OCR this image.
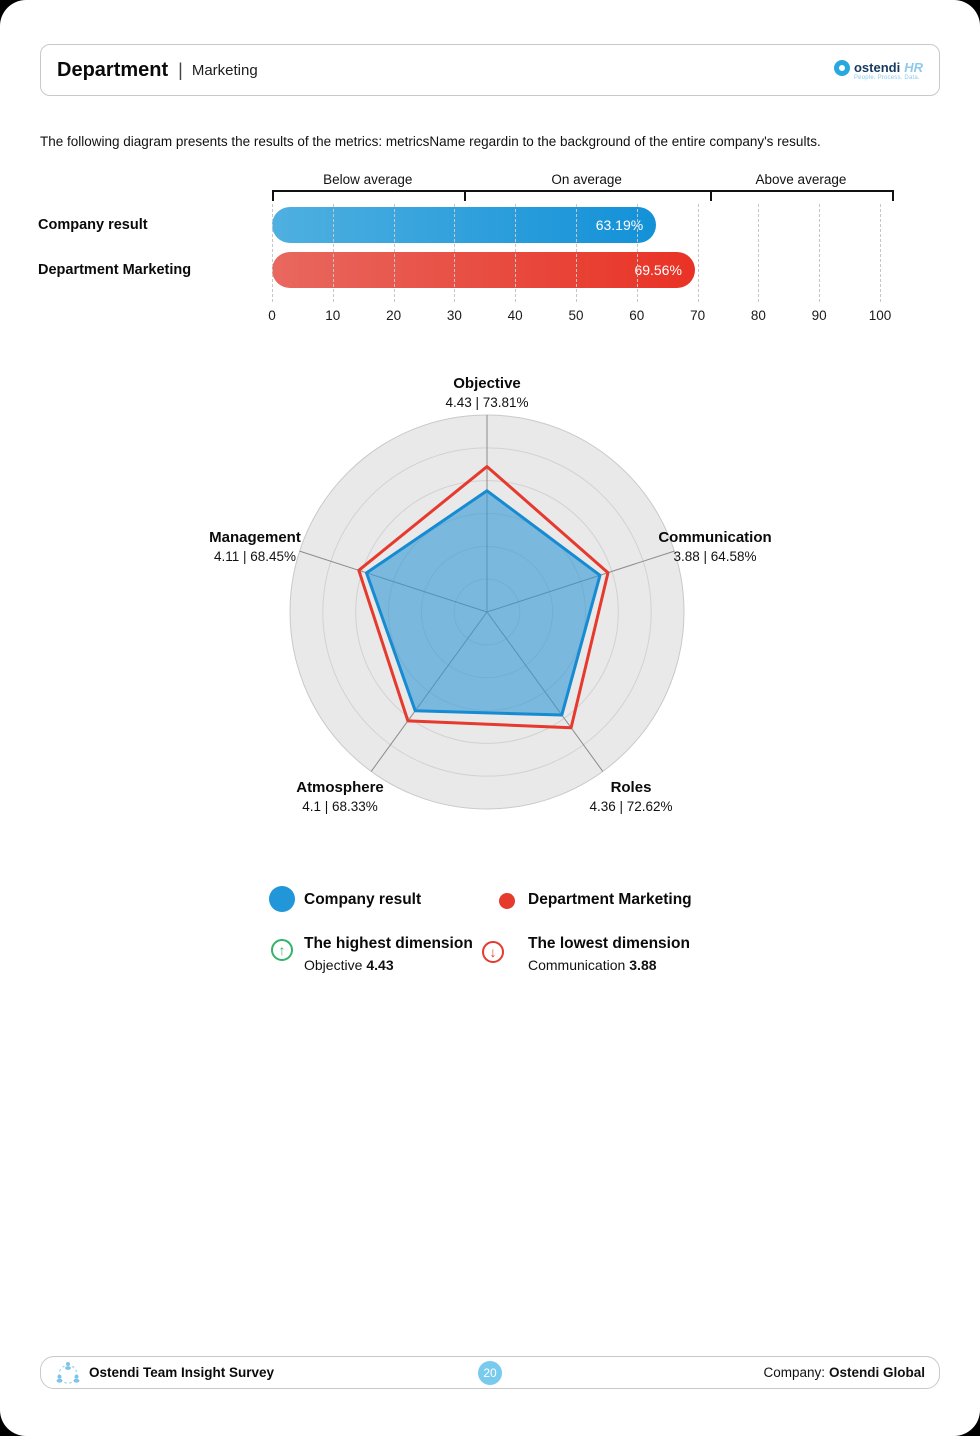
Department | Marketing	ostendi HR
People. Process. Data.
The following diagram presents the results of the metrics: metricsName regardin to the background of the entire company's results.
Company result
Department Marketing
63.19%
69.56%
Below average	On average	Above average
0	10	20	30	40	50	60	70	80	90	100
Objective
4.43 | 73.81%
Communication
3.88 | 64.58%
Roles
4.36 | 72.62%
Atmosphere
4.1 | 68.33%
Management
4.11 | 68.45%
Company result	Department Marketing
↑	The highest dimension
Objective 4.43
↓	The lowest dimension
Communication 3.88
Ostendi Team Insight Survey	20	Company: Ostendi Global
